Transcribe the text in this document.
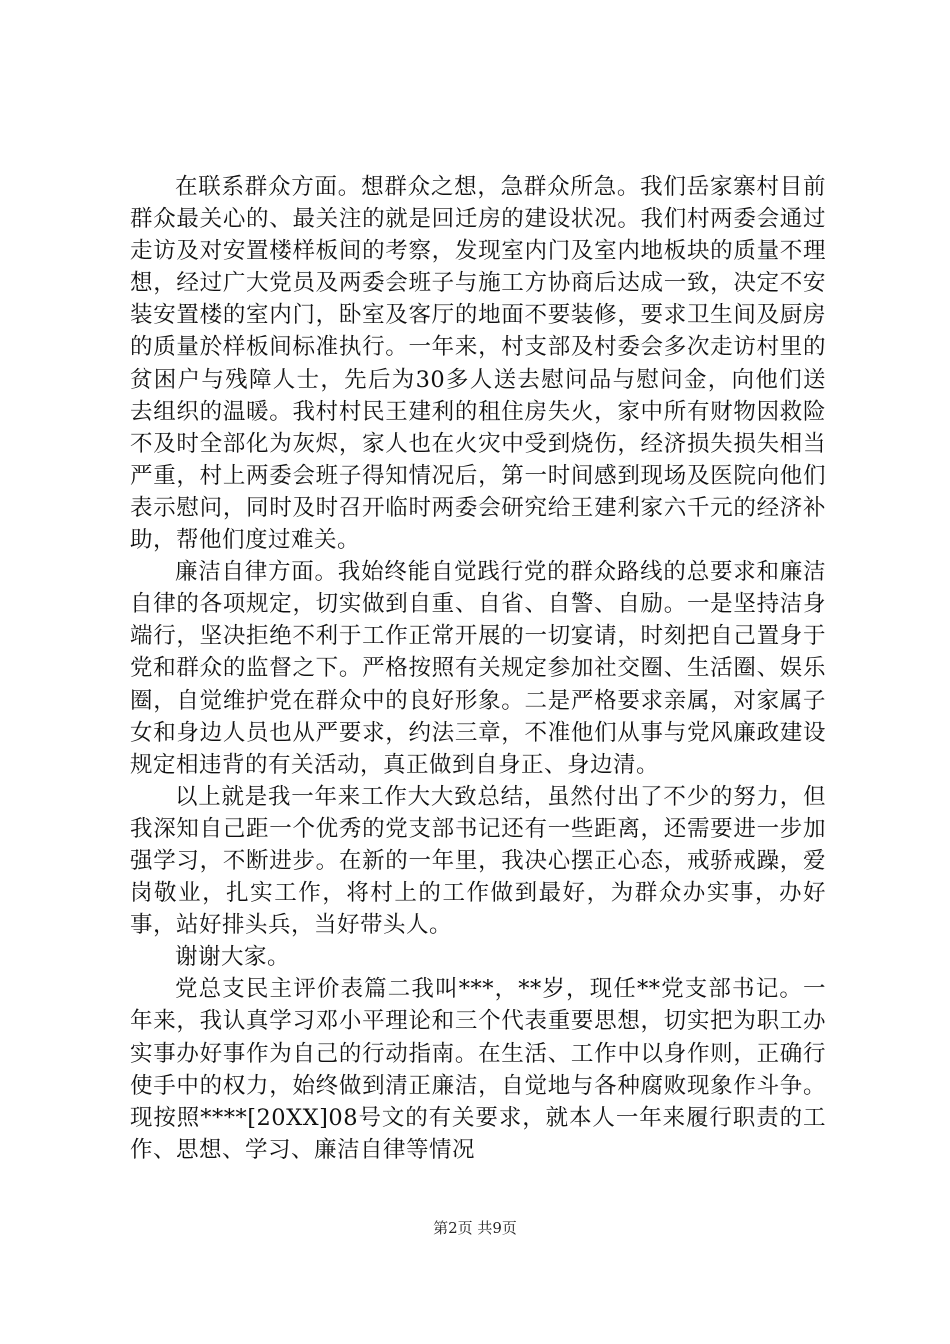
在联系群众方面。想群众之想，急群众所急。我们岳家寨村目前群众最关心的、最关注的就是回迁房的建设状况。我们村两委会通过走访及对安置楼样板间的考察，发现室内门及室内地板块的质量不理想，经过广大党员及两委会班子与施工方协商后达成一致，决定不安装安置楼的室内门，卧室及客厅的地面不要装修，要求卫生间及厨房的质量於样板间标准执行。一年来，村支部及村委会多次走访村里的贫困户与残障人士，先后为30多人送去慰问品与慰问金，向他们送去组织的温暖。我村村民王建利的租住房失火，家中所有财物因救险不及时全部化为灰烬，家人也在火灾中受到烧伤，经济损失损失相当严重，村上两委会班子得知情况后，第一时间感到现场及医院向他们表示慰问，同时及时召开临时两委会研究给王建利家六千元的经济补助，帮他们度过难关。

廉洁自律方面。我始终能自觉践行党的群众路线的总要求和廉洁自律的各项规定，切实做到自重、自省、自警、自励。一是坚持洁身端行，坚决拒绝不利于工作正常开展的一切宴请，时刻把自己置身于党和群众的监督之下。严格按照有关规定参加社交圈、生活圈、娱乐圈，自觉维护党在群众中的良好形象。二是严格要求亲属，对家属子女和身边人员也从严要求，约法三章，不准他们从事与党风廉政建设规定相违背的有关活动，真正做到自身正、身边清。

以上就是我一年来工作大大致总结，虽然付出了不少的努力，但我深知自己距一个优秀的党支部书记还有一些距离，还需要进一步加强学习，不断进步。在新的一年里，我决心摆正心态，戒骄戒躁，爱岗敬业，扎实工作，将村上的工作做到最好，为群众办实事，办好事，站好排头兵，当好带头人。

谢谢大家。

党总支民主评价表篇二我叫***，**岁，现任**党支部书记。一年来，我认真学习邓小平理论和三个代表重要思想，切实把为职工办实事办好事作为自己的行动指南。在生活、工作中以身作则，正确行使手中的权力，始终做到清正廉洁，自觉地与各种腐败现象作斗争。现按照****[20XX]08号文的有关要求，就本人一年来履行职责的工作、思想、学习、廉洁自律等情况

第2页 共9页
